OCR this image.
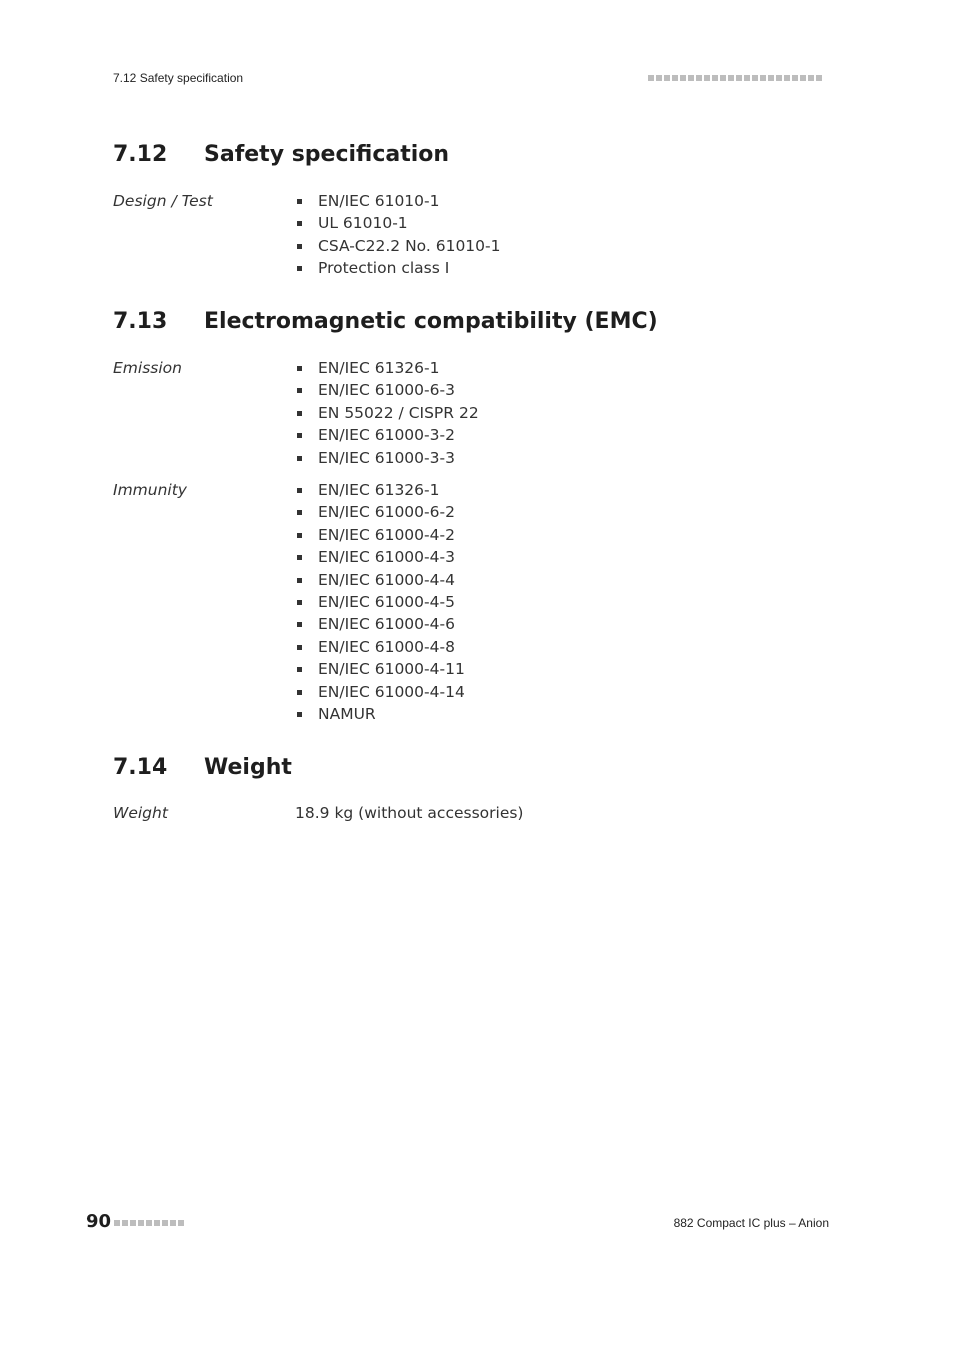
7.12 Safety specification
7.12	Safety specification
Design / Test	EN/IEC 61010-1
UL 61010-1
CSA-C22.2 No. 61010-1
Protection class I
7.13	Electromagnetic compatibility (EMC)
Emission	EN/IEC 61326-1
EN/IEC 61000-6-3
EN 55022 / CISPR 22
EN/IEC 61000-3-2
EN/IEC 61000-3-3
Immunity	EN/IEC 61326-1
EN/IEC 61000-6-2
EN/IEC 61000-4-2
EN/IEC 61000-4-3
EN/IEC 61000-4-4
EN/IEC 61000-4-5
EN/IEC 61000-4-6
EN/IEC 61000-4-8
EN/IEC 61000-4-11
EN/IEC 61000-4-14
NAMUR
7.14	Weight
Weight	18.9 kg (without accessories)
90	882 Compact IC plus – Anion
